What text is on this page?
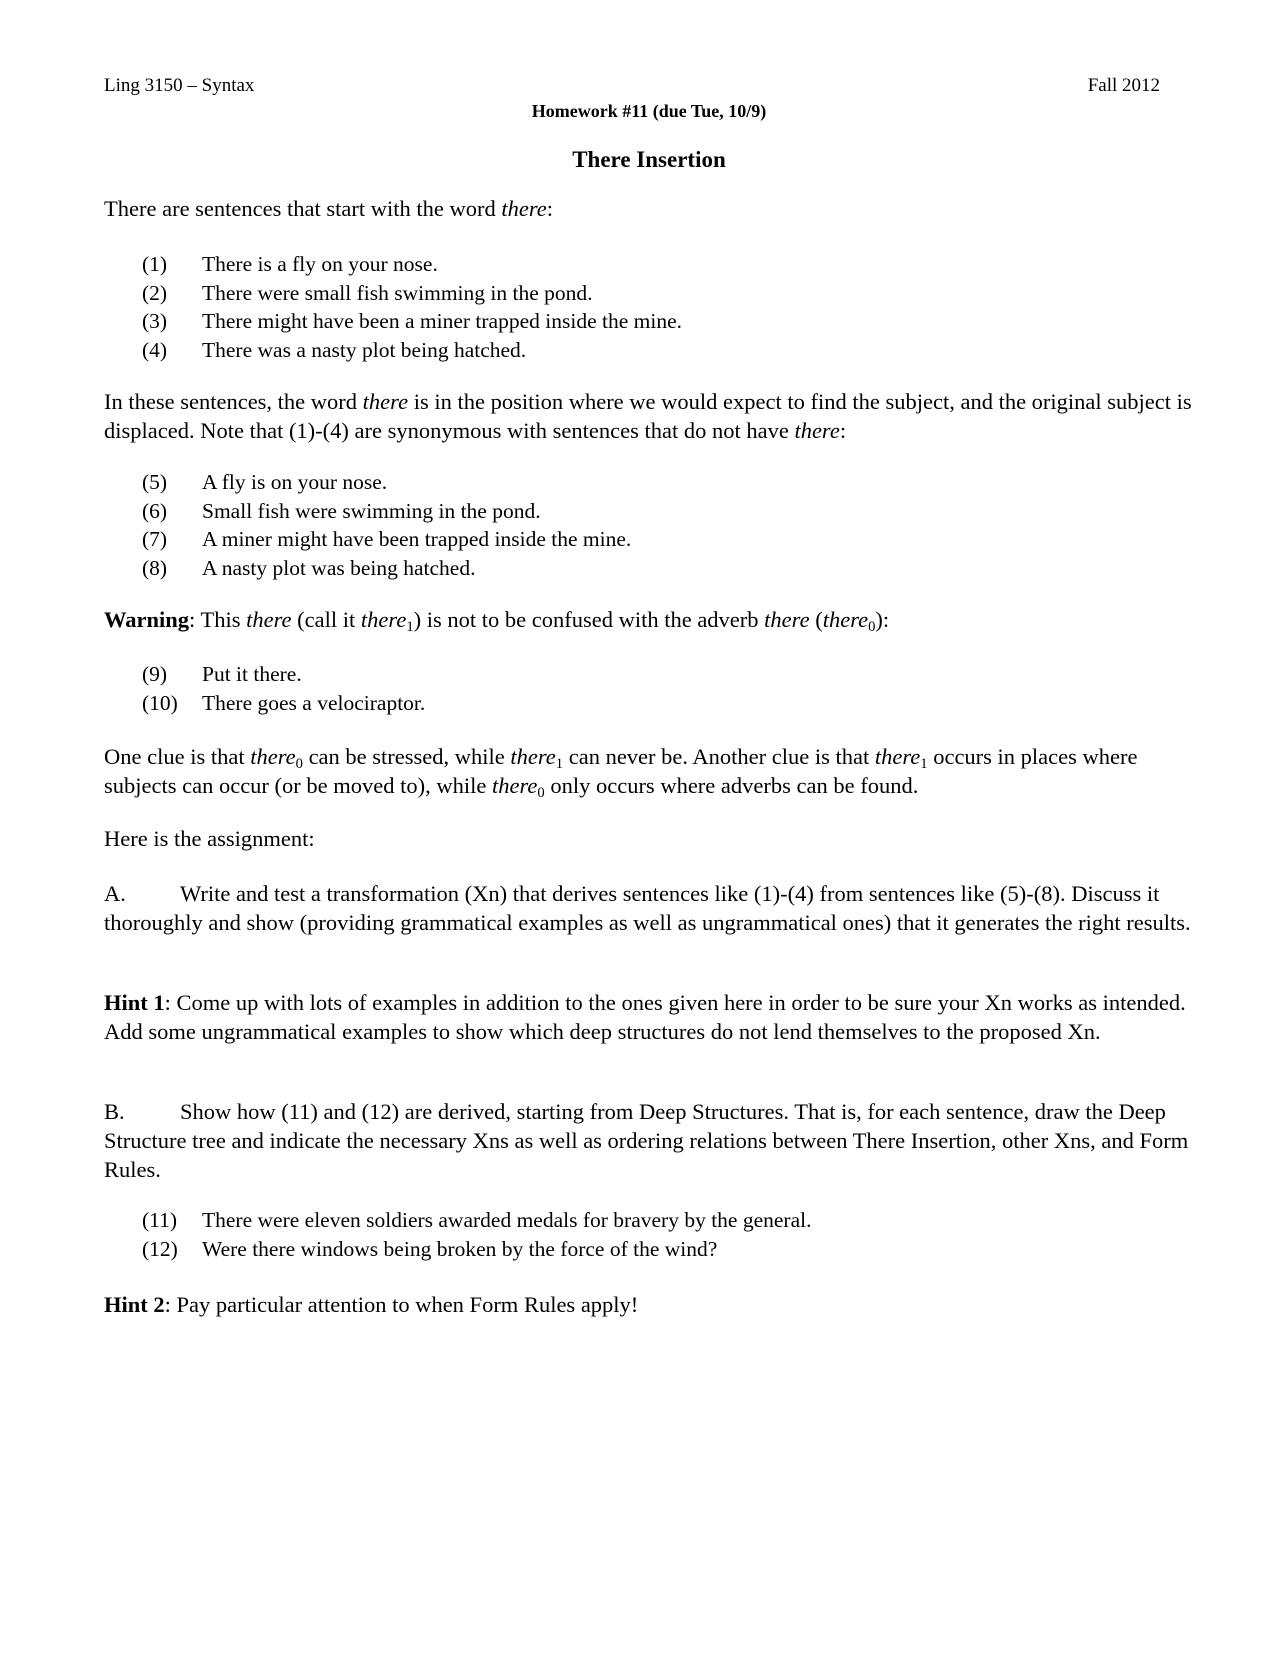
Ling 3150 – Syntax	Fall 2012
Homework #11 (due Tue, 10/9)
There Insertion

There are sentences that start with the word there:

(1)	There is a fly on your nose.
(2)	There were small fish swimming in the pond.
(3)	There might have been a miner trapped inside the mine.
(4)	There was a nasty plot being hatched.

In these sentences, the word there is in the position where we would expect to find the subject, and the original subject is displaced. Note that (1)-(4) are synonymous with sentences that do not have there:

(5)	A fly is on your nose.
(6)	Small fish were swimming in the pond.
(7)	A miner might have been trapped inside the mine.
(8)	A nasty plot was being hatched.

Warning: This there (call it there$_1$) is not to be confused with the adverb there (there$_0$):

(9)	Put it there.
(10)	There goes a velociraptor.

One clue is that there$_0$ can be stressed, while there$_1$ can never be. Another clue is that there$_1$ occurs in places where subjects can occur (or be moved to), while there$_0$ only occurs where adverbs can be found.

Here is the assignment:

A. Write and test a transformation (Xn) that derives sentences like (1)-(4) from sentences like (5)-(8). Discuss it thoroughly and show (providing grammatical examples as well as ungrammatical ones) that it generates the right results.

Hint 1: Come up with lots of examples in addition to the ones given here in order to be sure your Xn works as intended. Add some ungrammatical examples to show which deep structures do not lend themselves to the proposed Xn.

B. Show how (11) and (12) are derived, starting from Deep Structures. That is, for each sentence, draw the Deep Structure tree and indicate the necessary Xns as well as ordering relations between There Insertion, other Xns, and Form Rules.

(11)	There were eleven soldiers awarded medals for bravery by the general.
(12)	Were there windows being broken by the force of the wind?

Hint 2: Pay particular attention to when Form Rules apply!
